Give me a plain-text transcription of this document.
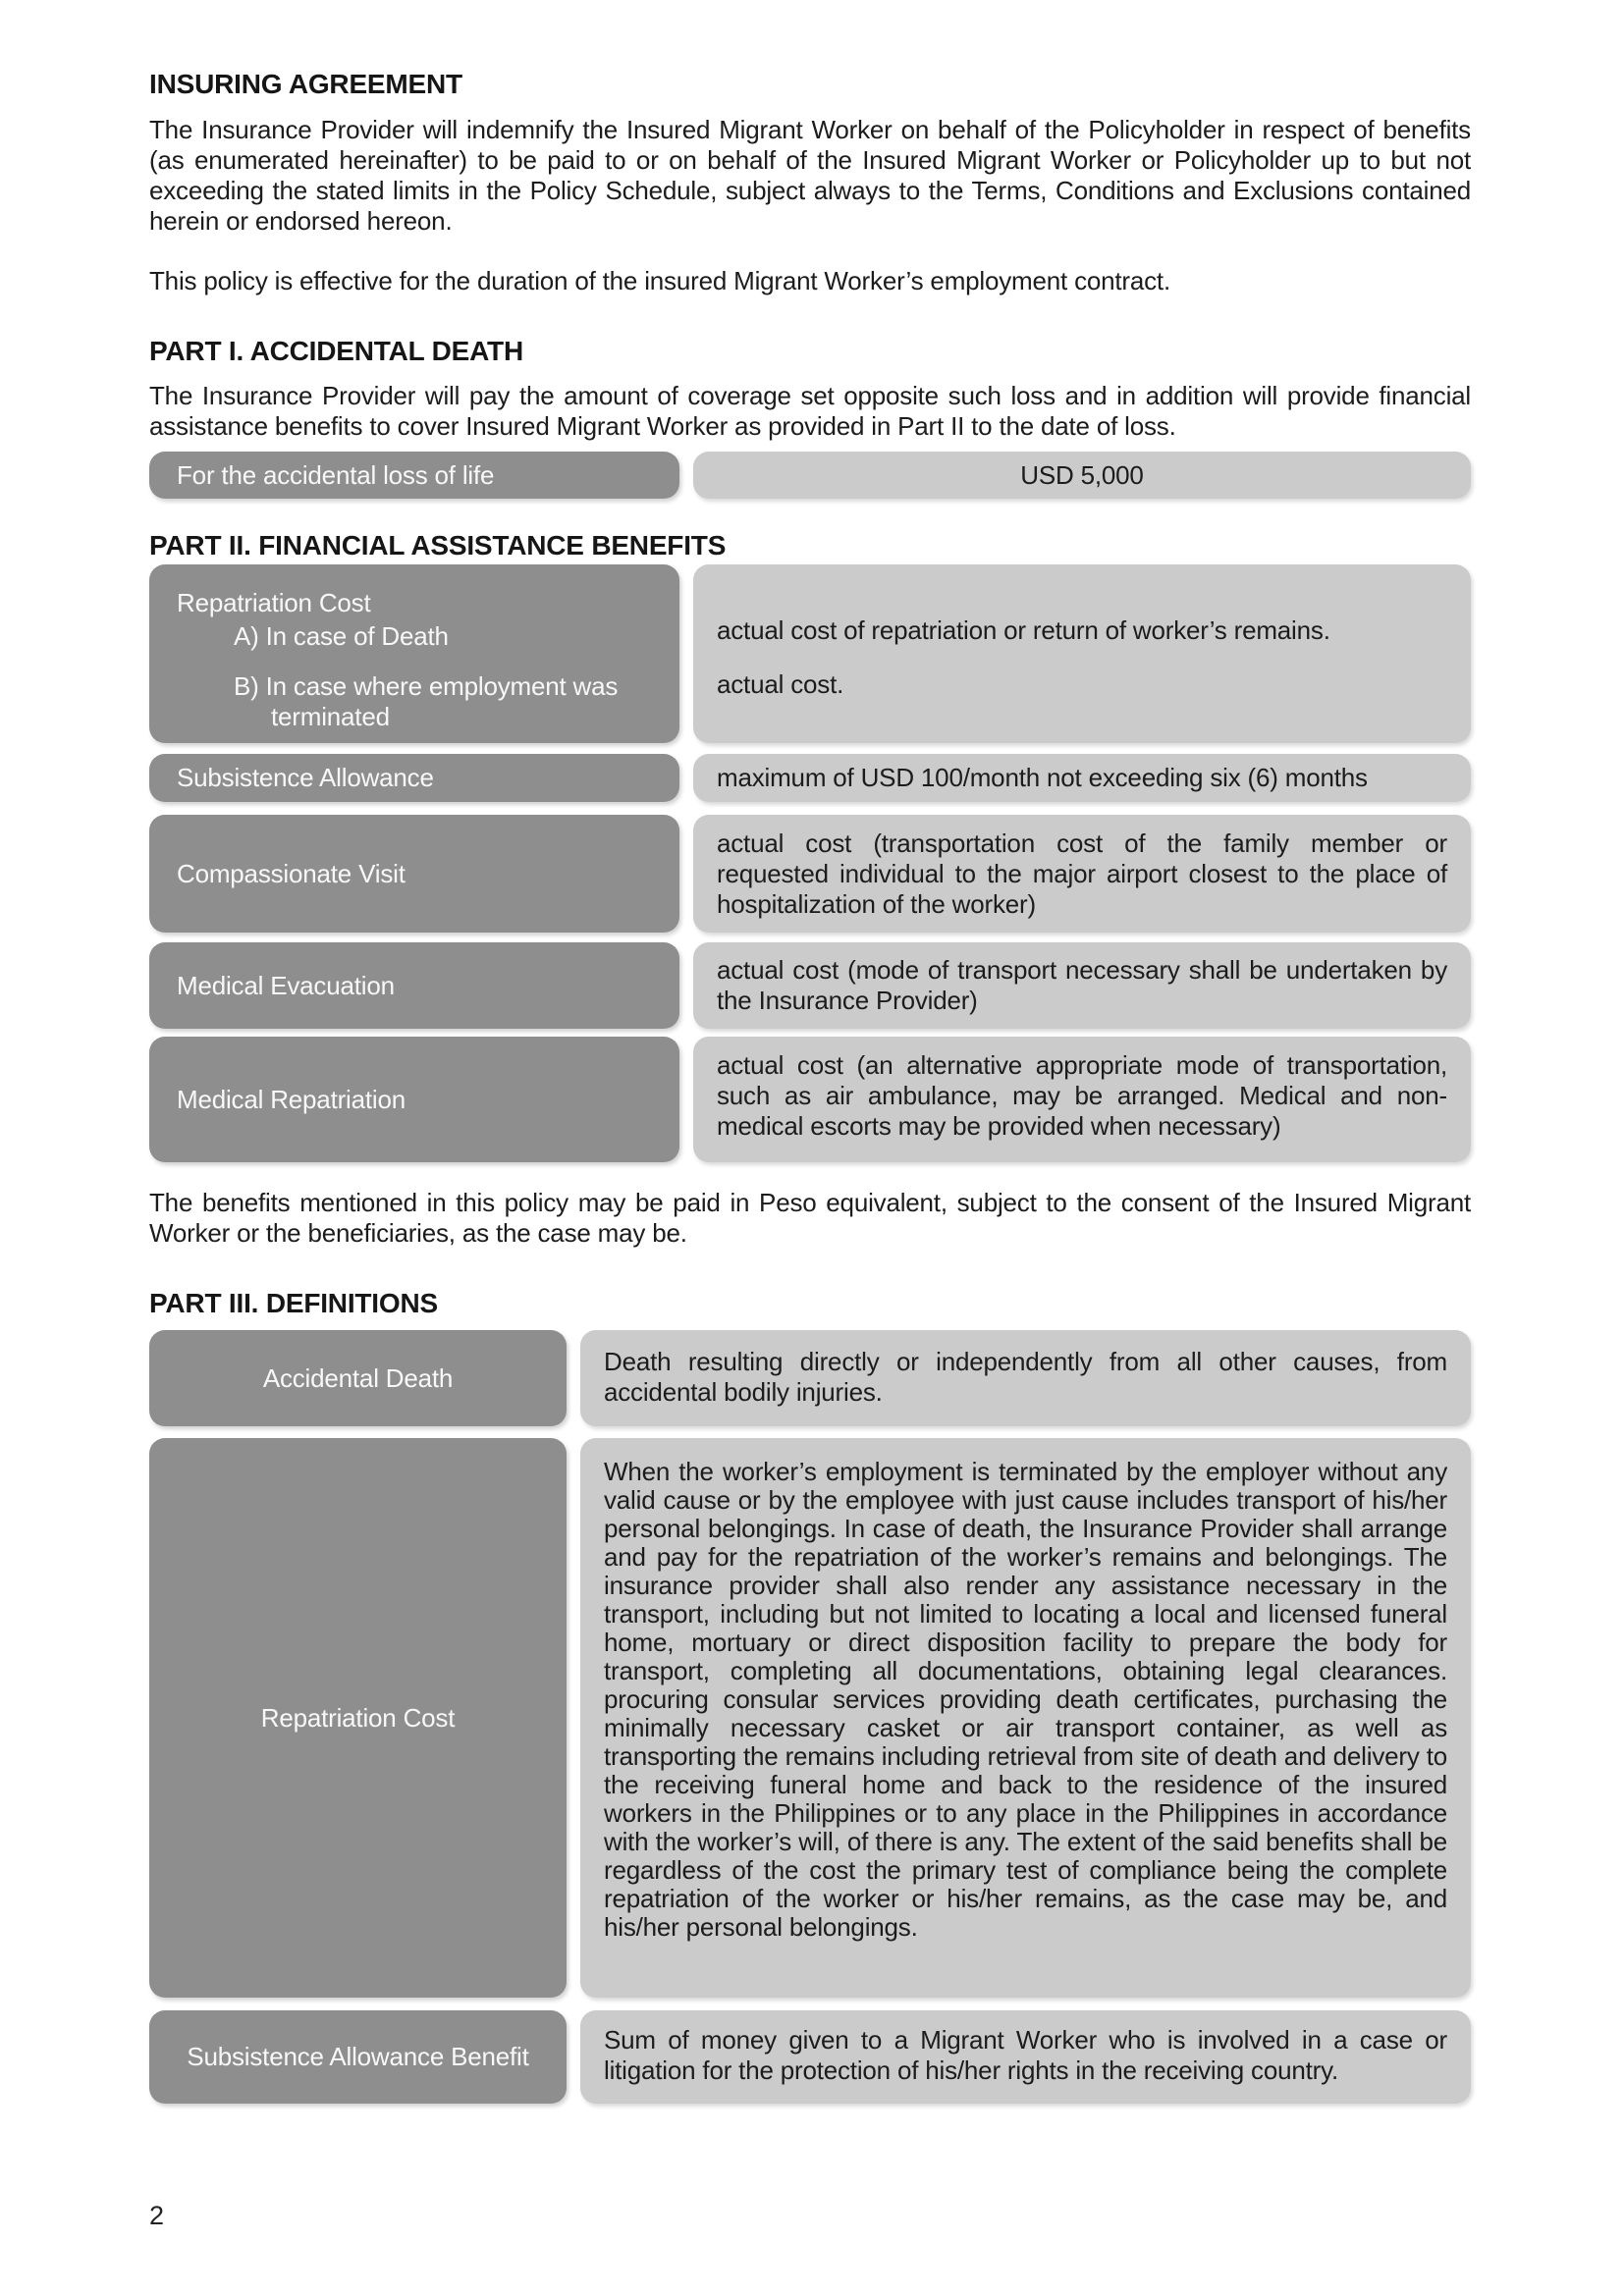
INSURING AGREEMENT

The Insurance Provider will indemnify the Insured Migrant Worker on behalf of the Policyholder in respect of benefits (as enumerated hereinafter) to be paid to or on behalf of the Insured Migrant Worker or Policyholder up to but not exceeding the stated limits in the Policy Schedule, subject always to the Terms, Conditions and Exclusions contained herein or endorsed hereon.

This policy is effective for the duration of the insured Migrant Worker’s employment contract.

PART I. ACCIDENTAL DEATH

The Insurance Provider will pay the amount of coverage set opposite such loss and in addition will provide financial assistance benefits to cover Insured Migrant Worker as provided in Part II to the date of loss.

For the accidental loss of life	USD 5,000
PART II. FINANCIAL ASSISTANCE BENEFITS
Repatriation Cost
A) In case of Death
B) In case where employment was terminated
actual cost of repatriation or return of worker’s remains.
actual cost.
Subsistence Allowance	maximum of USD 100/month not exceeding six (6) months
Compassionate Visit
actual cost (transportation cost of the family member or requested individual to the major airport closest to the place of hospitalization of the worker)
Medical Evacuation
actual cost (mode of transport necessary shall be undertaken by the Insurance Provider)
Medical Repatriation
actual cost (an alternative appropriate mode of transportation, such as air ambulance, may be arranged. Medical and non-medical escorts may be provided when necessary)

The benefits mentioned in this policy may be paid in Peso equivalent, subject to the consent of the Insured Migrant Worker or the beneficiaries, as the case may be.

PART III. DEFINITIONS
Accidental Death
Death resulting directly or independently from all other causes, from accidental bodily injuries.
Repatriation Cost
When the worker’s employment is terminated by the employer without any valid cause or by the employee with just cause includes transport of his/her personal belongings. In case of death, the Insurance Provider shall arrange and pay for the repatriation of the worker’s remains and belongings. The insurance provider shall also render any assistance necessary in the transport, including but not limited to locating a local and licensed funeral home, mortuary or direct disposition facility to prepare the body for transport, completing all documentations, obtaining legal clearances. procuring consular services providing death certificates, purchasing the minimally necessary casket or air transport container, as well as transporting the remains including retrieval from site of death and delivery to the receiving funeral home and back to the residence of the insured workers in the Philippines or to any place in the Philippines in accordance with the worker’s will, of there is any. The extent of the said benefits shall be regardless of the cost the primary test of compliance being the complete repatriation of the worker or his/her remains, as the case may be, and his/her personal belongings.
Subsistence Allowance Benefit
Sum of money given to a Migrant Worker who is involved in a case or litigation for the protection of his/her rights in the receiving country.
2
